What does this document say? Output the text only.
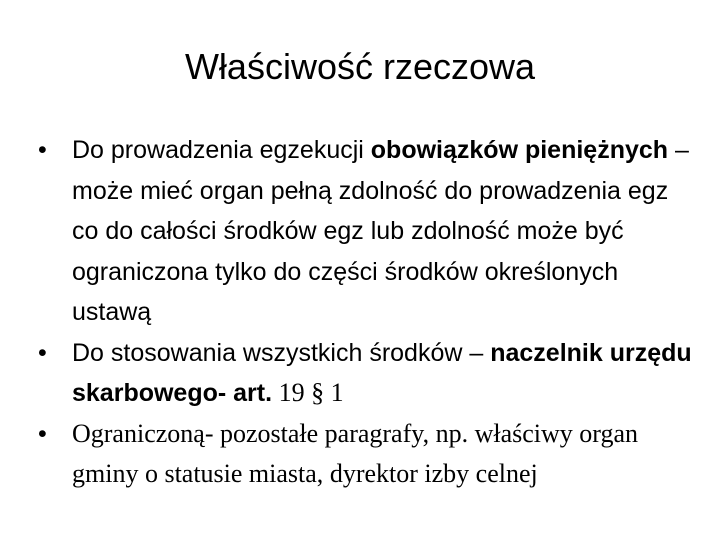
Właściwość rzeczowa
• Do prowadzenia egzekucji obowiązków pieniężnych – może mieć organ pełną zdolność do prowadzenia egz co do całości środków egz lub zdolność może być ograniczona tylko do części środków określonych ustawą
• Do stosowania wszystkich środków – naczelnik urzędu skarbowego- art. 19 § 1
• Ograniczoną- pozostałe paragrafy, np. właściwy organ gminy o statusie miasta, dyrektor izby celnej
